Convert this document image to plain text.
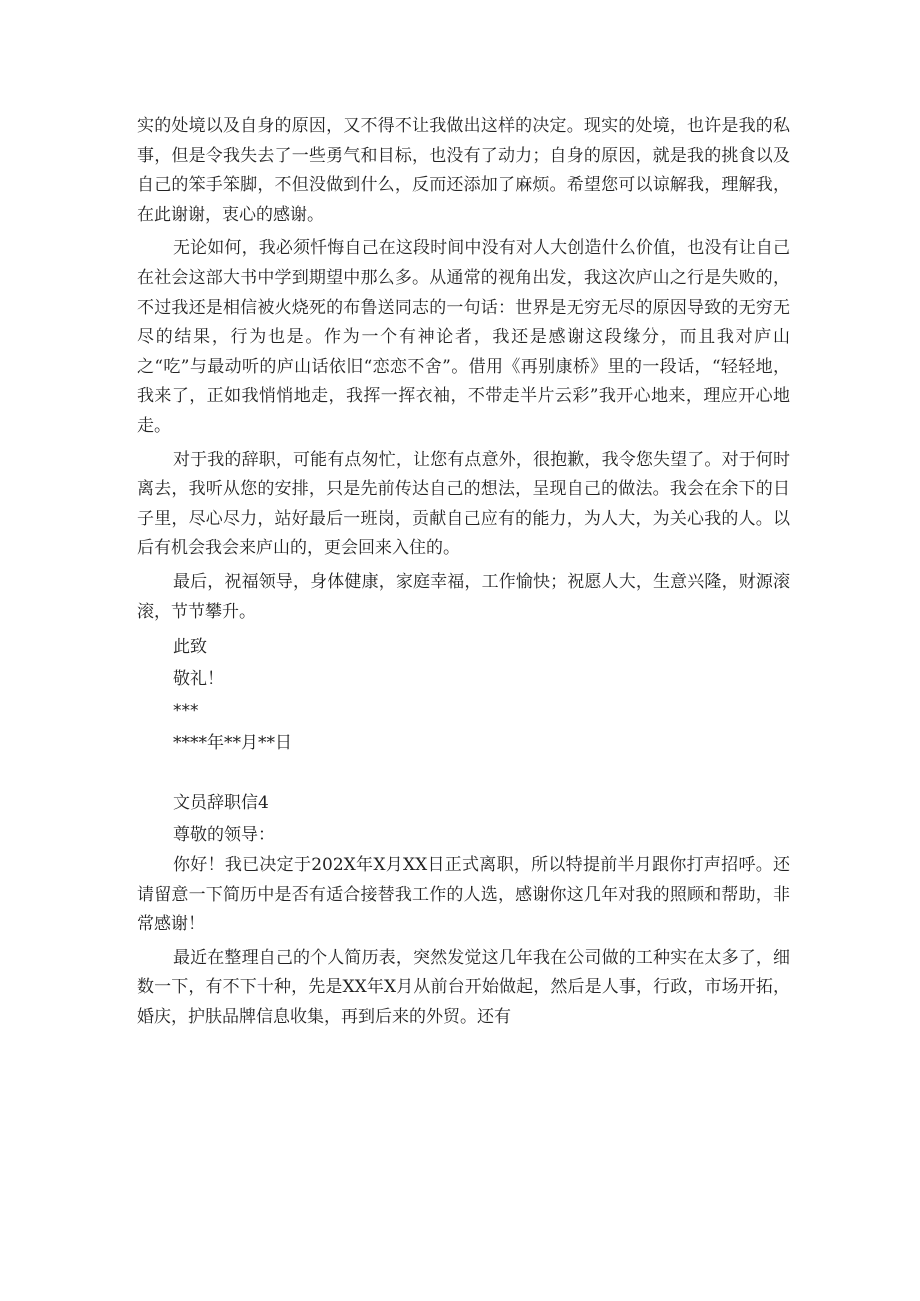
实的处境以及自身的原因，又不得不让我做出这样的决定。现实的处境，也许是我的私事，但是令我失去了一些勇气和目标，也没有了动力；自身的原因，就是我的挑食以及自己的笨手笨脚，不但没做到什么，反而还添加了麻烦。希望您可以谅解我，理解我，在此谢谢，衷心的感谢。

无论如何，我必须忏悔自己在这段时间中没有对人大创造什么价值，也没有让自己在社会这部大书中学到期望中那么多。从通常的视角出发，我这次庐山之行是失败的，不过我还是相信被火烧死的布鲁送同志的一句话：世界是无穷无尽的原因导致的无穷无尽的结果，行为也是。作为一个有神论者，我还是感谢这段缘分，而且我对庐山之“吃”与最动听的庐山话依旧“恋恋不舍”。借用《再别康桥》里的一段话，“轻轻地，我来了，正如我悄悄地走，我挥一挥衣袖，不带走半片云彩”我开心地来，理应开心地走。

对于我的辞职，可能有点匆忙，让您有点意外，很抱歉，我令您失望了。对于何时离去，我听从您的安排，只是先前传达自己的想法，呈现自己的做法。我会在余下的日子里，尽心尽力，站好最后一班岗，贡献自己应有的能力，为人大，为关心我的人。以后有机会我会来庐山的，更会回来入住的。

最后，祝福领导，身体健康，家庭幸福，工作愉快；祝愿人大，生意兴隆，财源滚滚，节节攀升。

此致

敬礼！

***

****年**月**日

文员辞职信4

尊敬的领导：

你好！我已决定于202X年X月XX日正式离职，所以特提前半月跟你打声招呼。还请留意一下简历中是否有适合接替我工作的人选，感谢你这几年对我的照顾和帮助，非常感谢！

最近在整理自己的个人简历表，突然发觉这几年我在公司做的工种实在太多了，细数一下，有不下十种，先是XX年X月从前台开始做起，然后是人事，行政，市场开拓，婚庆，护肤品牌信息收集，再到后来的外贸。还有
